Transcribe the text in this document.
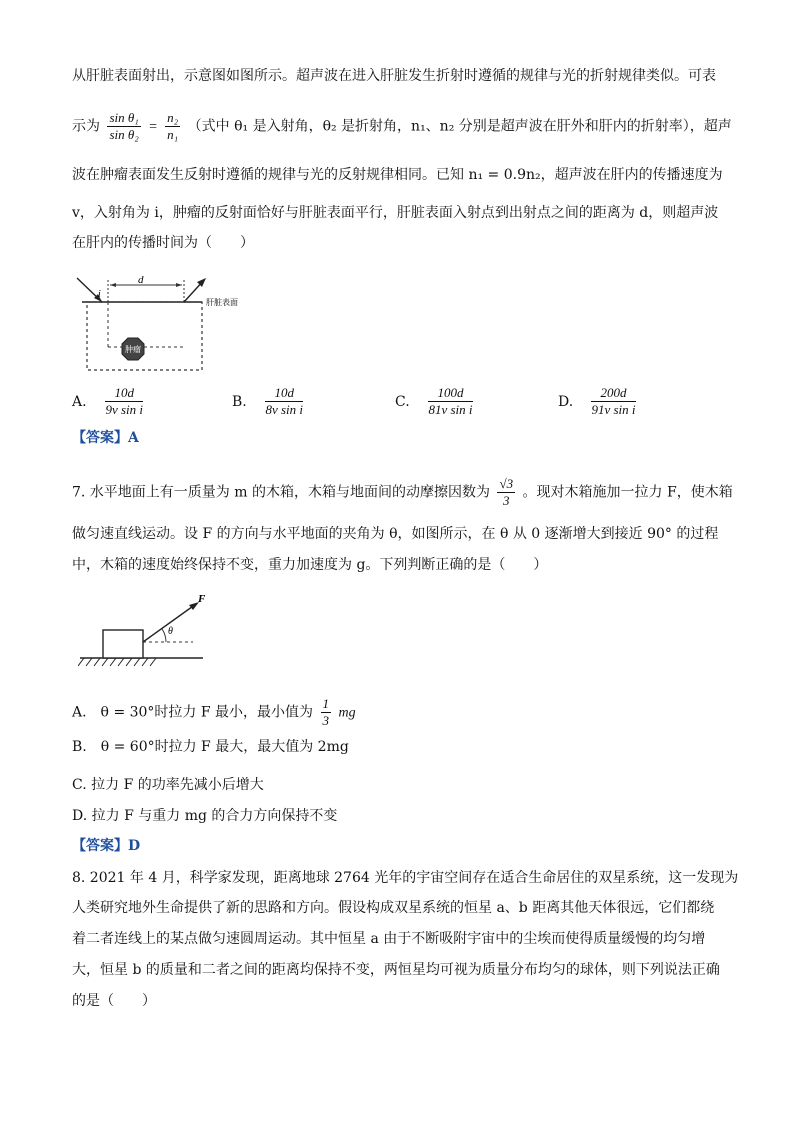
从肝脏表面射出，示意图如图所示。超声波在进入肝脏发生折射时遵循的规律与光的折射规律类似。可表
示为 $\frac{\text{sin θ₁}}{\text{sin θ₂}} = \frac{\text{n₂}}{\text{n₁}}$ （式中 θ₁ 是入射角，θ₂ 是折射角，n₁、n₂ 分别是超声波在肝外和肝内的折射率），超声
波在肿瘤表面发生反射时遵循的规律与光的反射规律相同。已知 n₁ = 0.9n₂，超声波在肝内的传播速度为
v，入射角为 i，肿瘤的反射面恰好与肝脏表面平行，肝脏表面入射点到出射点之间的距离为 d，则超声波
在肝内的传播时间为（　　）
d
i
肿瘤
肝脏表面
A. $\frac{10d}{\text{9v sin i}}$	B. $\frac{10d}{\text{8v sin i}}$	C. $\frac{100d}{\text{81v sin i}}$	D. $\frac{200d}{\text{91v sin i}}$
【答案】A
7. 水平地面上有一质量为 m 的木箱，木箱与地面间的动摩擦因数为 $\frac{√3}{3}$ 。现对木箱施加一拉力 F，使木箱
做匀速直线运动。设 F 的方向与水平地面的夹角为 θ，如图所示，在 θ 从 0 逐渐增大到接近 90° 的过程
中，木箱的速度始终保持不变，重力加速度为 g。下列判断正确的是（　　）
F
θ
A.　θ = 30°时拉力 F 最小，最小值为 $\frac{1}{3}$ mg
B.　θ = 60°时拉力 F 最大，最大值为 2mg
C. 拉力 F 的功率先减小后增大
D. 拉力 F 与重力 mg 的合力方向保持不变
【答案】D
8. 2021 年 4 月，科学家发现，距离地球 2764 光年的宇宙空间存在适合生命居住的双星系统，这一发现为
人类研究地外生命提供了新的思路和方向。假设构成双星系统的恒星 a、b 距离其他天体很远，它们都绕
着二者连线上的某点做匀速圆周运动。其中恒星 a 由于不断吸附宇宙中的尘埃而使得质量缓慢的均匀增
大，恒星 b 的质量和二者之间的距离均保持不变，两恒星均可视为质量分布均匀的球体，则下列说法正确
的是（　　）
